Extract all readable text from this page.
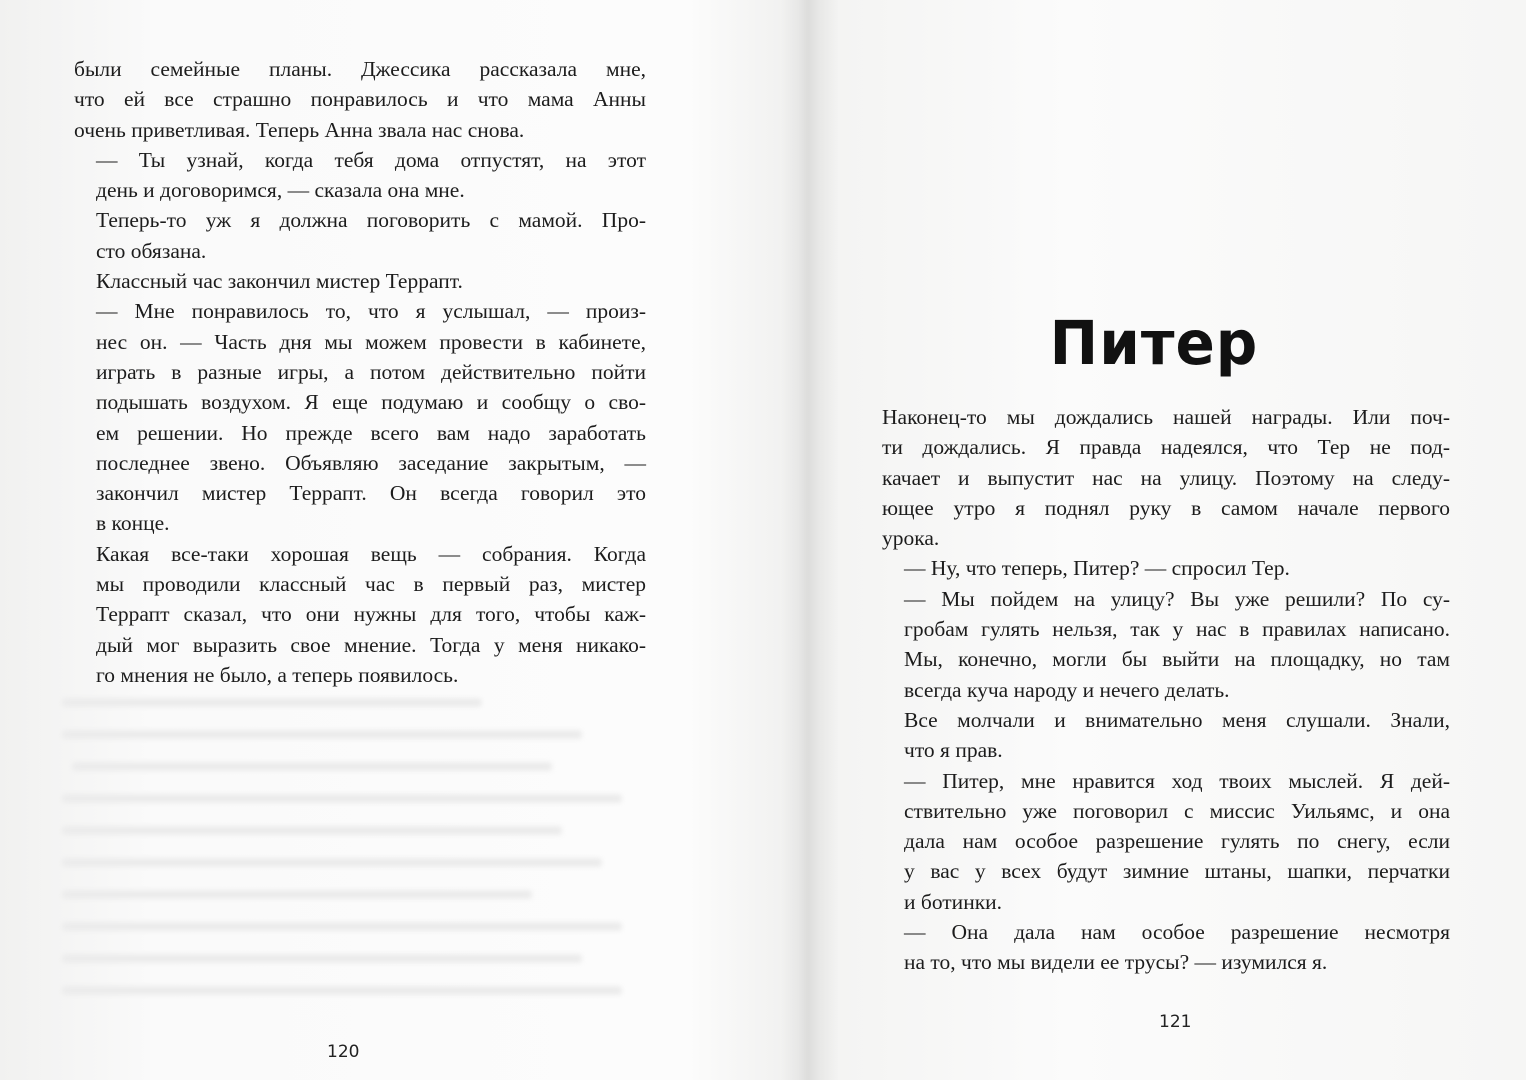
были семейные планы. Джессика рассказала мне,
что ей все страшно понравилось и что мама Анны
очень приветливая. Теперь Анна звала нас снова.

— Ты узнай, когда тебя дома отпустят, на этот
день и договоримся, — сказала она мне.

Теперь-то уж я должна поговорить с мамой. Про-
сто обязана.

Классный час закончил мистер Террапт.

— Мне понравилось то, что я услышал, — произ-
нес он. — Часть дня мы можем провести в кабинете,
играть в разные игры, а потом действительно пойти
подышать воздухом. Я еще подумаю и сообщу о сво-
ем решении. Но прежде всего вам надо заработать
последнее звено. Объявляю заседание закрытым, —
закончил мистер Террапт. Он всегда говорил это
в конце.

Какая все-таки хорошая вещь — собрания. Когда
мы проводили классный час в первый раз, мистер
Террапт сказал, что они нужны для того, чтобы каж-
дый мог выразить свое мнение. Тогда у меня никако-
го мнения не было, а теперь появилось.

120
Питер

Наконец-то мы дождались нашей награды. Или поч-
ти дождались. Я правда надеялся, что Тер не под-
качает и выпустит нас на улицу. Поэтому на следу-
ющее утро я поднял руку в самом начале первого
урока.

— Ну, что теперь, Питер? — спросил Тер.

— Мы пойдем на улицу? Вы уже решили? По су-
гробам гулять нельзя, так у нас в правилах написано.
Мы, конечно, могли бы выйти на площадку, но там
всегда куча народу и нечего делать.

Все молчали и внимательно меня слушали. Знали,
что я прав.

— Питер, мне нравится ход твоих мыслей. Я дей-
ствительно уже поговорил с миссис Уильямс, и она
дала нам особое разрешение гулять по снегу, если
у вас у всех будут зимние штаны, шапки, перчатки
и ботинки.

— Она дала нам особое разрешение несмотря
на то, что мы видели ее трусы? — изумился я.

121
